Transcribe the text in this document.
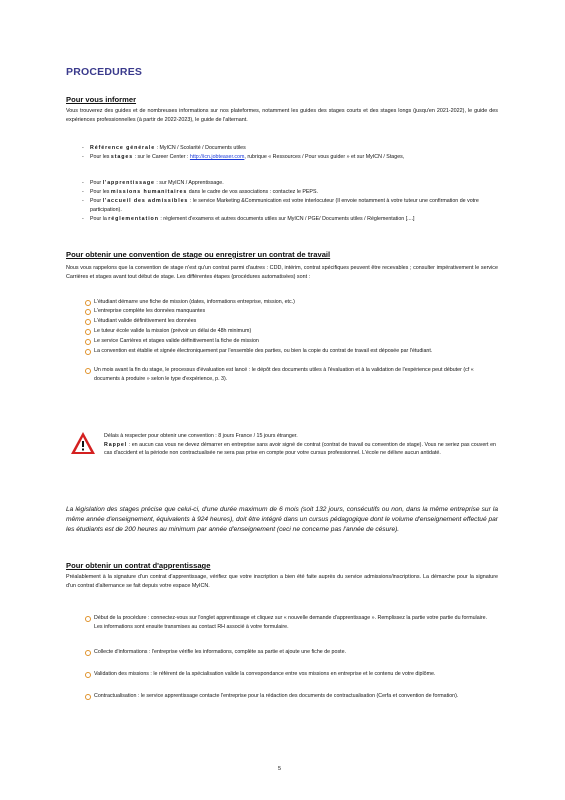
PROCEDURES
Pour vous informer
Vous trouverez des guides et de nombreuses informations sur nos plateformes, notamment les guides des stages courts et des stages longs (jusqu'en 2021-2022), le guide des expériences professionnelles (à partir de 2022-2023), le guide de l'alternant.
- Référence générale : MyICN / Scolarité / Documents utiles
- Pour les stages : sur le Career Center : http://icn.jobteaser.com, rubrique « Ressources / Pour vous guider » et sur MyICN / Stages,
- Pour l'apprentissage : sur MyICN / Apprentissage.
- Pour les missions humanitaires dans le cadre de vos associations : contactez le PEPS.
- Pour l'accueil des admissibles : le service Marketing &Communication est votre interlocuteur (Il envoie notamment à votre tuteur une confirmation de votre participation).
- Pour la réglementation : règlement d'examens et autres documents utiles sur MyICN / PGE/ Documents utiles / Réglementation [....]
Pour obtenir une convention de stage ou enregistrer un contrat de travail
Nous vous rappelons que la convention de stage n'est qu'un contrat parmi d'autres : CDD, intérim, contrat spécifiques peuvent être recevables ; consulter impérativement le service Carrières et stages avant tout début de stage. Les différentes étapes (procédures automatisées) sont :
L'étudiant démarre une fiche de mission (dates, informations entreprise, mission, etc.)
L'entreprise complète les données manquantes
L'étudiant valide définitivement les données
Le tuteur école valide la mission (prévoir un délai de 48h minimum)
Le service Carrières et stages valide définitivement la fiche de mission
La convention est établie et signée électroniquement par l'ensemble des parties, ou bien la copie du contrat de travail est déposée par l'étudiant.
Un mois avant la fin du stage, le processus d'évaluation est lancé : le dépôt des documents utiles à l'évaluation et à la validation de l'expérience peut débuter (cf « documents à produire » selon le type d'expérience, p. 3).
Délais à respecter pour obtenir une convention : 8 jours France / 15 jours étranger.
Rappel : en aucun cas vous ne devez démarrer en entreprise sans avoir signé de contrat (contrat de travail ou convention de stage). Vous ne seriez pas couvert en cas d'accident et la période non contractualisée ne sera pas prise en compte pour votre cursus professionnel. L'école ne délivre aucun antidaté.
La législation des stages précise que celui-ci, d'une durée maximum de 6 mois (soit 132 jours, consécutifs ou non, dans la même entreprise sur la même année d'enseignement, équivalents à 924 heures), doit être intégré dans un cursus pédagogique dont le volume d'enseignement effectué par les étudiants est de 200 heures au minimum par année d'enseignement (ceci ne concerne pas l'année de césure).
Pour obtenir un contrat d'apprentissage
Préalablement à la signature d'un contrat d'apprentissage, vérifiez que votre inscription a bien été faite auprès du service admissions/inscriptions. La démarche pour la signature d'un contrat d'alternance se fait depuis votre espace MyICN.
Début de la procédure : connectez-vous sur l'onglet apprentissage et cliquez sur « nouvelle demande d'apprentissage ». Remplissez la partie votre partie du formulaire. Les informations sont ensuite transmises au contact RH associé à votre formulaire.
Collecte d'informations : l'entreprise vérifie les informations, complète sa partie et ajoute une fiche de poste.
Validation des missions : le référent de la spécialisation valide la correspondance entre vos missions en entreprise et le contenu de votre diplôme.
Contractualisation : le service apprentissage contacte l'entreprise pour la rédaction des documents de contractualisation (Cerfa et convention de formation).
5
